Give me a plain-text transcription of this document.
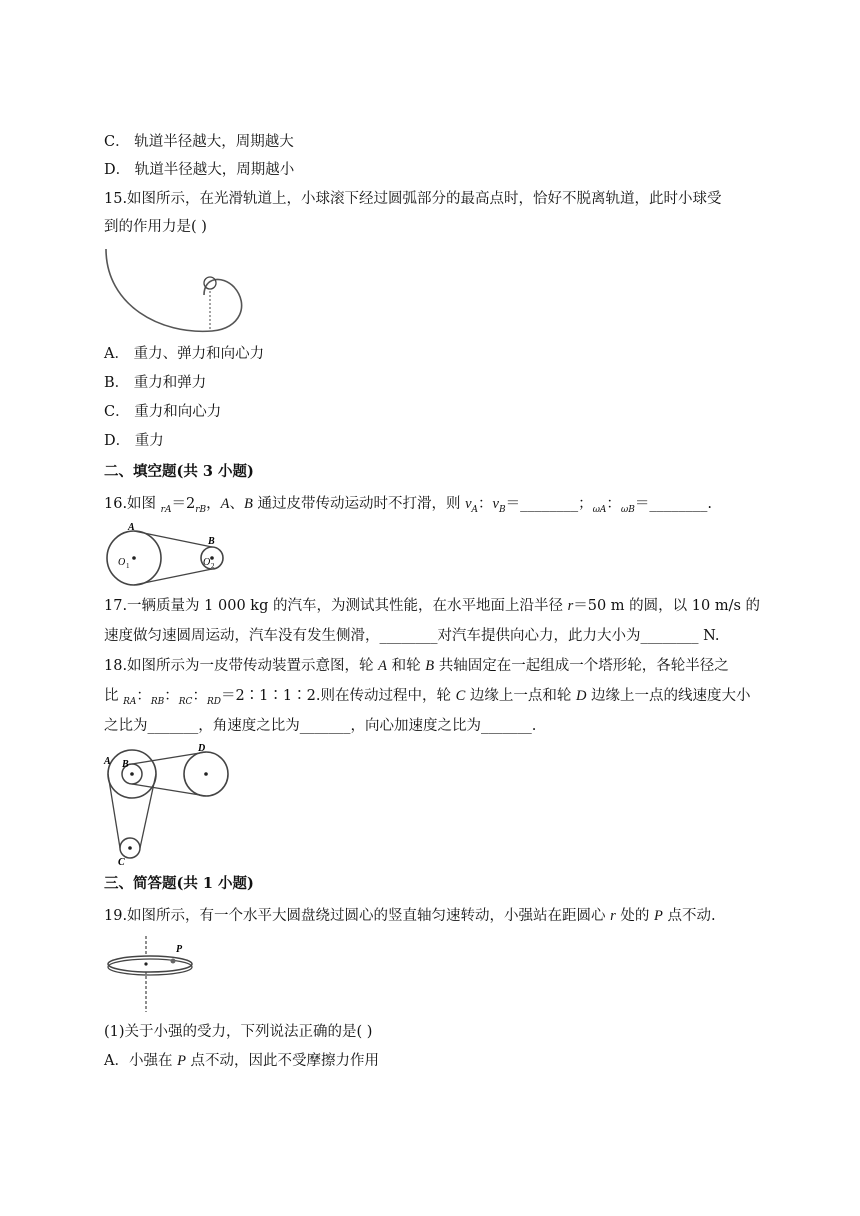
C． 轨道半径越大，周期越大
D． 轨道半径越大，周期越小
15.如图所示，在光滑轨道上，小球滚下经过圆弧部分的最高点时，恰好不脱离轨道，此时小球受
到的作用力是( )
A． 重力、弹力和向心力
B． 重力和弹力
C． 重力和向心力
D． 重力
二、填空题(共 3 小题)
16.如图 $_{rA}=2_{rB}$，A、B 通过皮带传动运动时不打滑，则 $v_A$：$v_B=\_\_\_\_\_\_\_\_$；$_{\omega A}$：$_{\omega B}$＝________.
A
B
O 1	O 2
17.一辆质量为 1 000 kg 的汽车，为测试其性能，在水平地面上沿半径 r＝50 m 的圆，以 10 m/s 的
速度做匀速圆周运动，汽车没有发生侧滑，________对汽车提供向心力，此力大小为________ N.
18.如图所示为一皮带传动装置示意图，轮 A 和轮 B 共轴固定在一起组成一个塔形轮，各轮半径之
比 $_{RA}$：$_{RB}$：$_{RC}$：$_{RD}$＝2∶1∶1∶2.则在传动过程中，轮 C 边缘上一点和轮 D 边缘上一点的线速度大小
之比为_______，角速度之比为_______，向心加速度之比为_______.
A B
D
C
三、简答题(共 1 小题)
19.如图所示，有一个水平大圆盘绕过圆心的竖直轴匀速转动，小强站在距圆心 r 处的 P 点不动.
P
(1)关于小强的受力，下列说法正确的是( )
A．小强在 P 点不动，因此不受摩擦力作用
